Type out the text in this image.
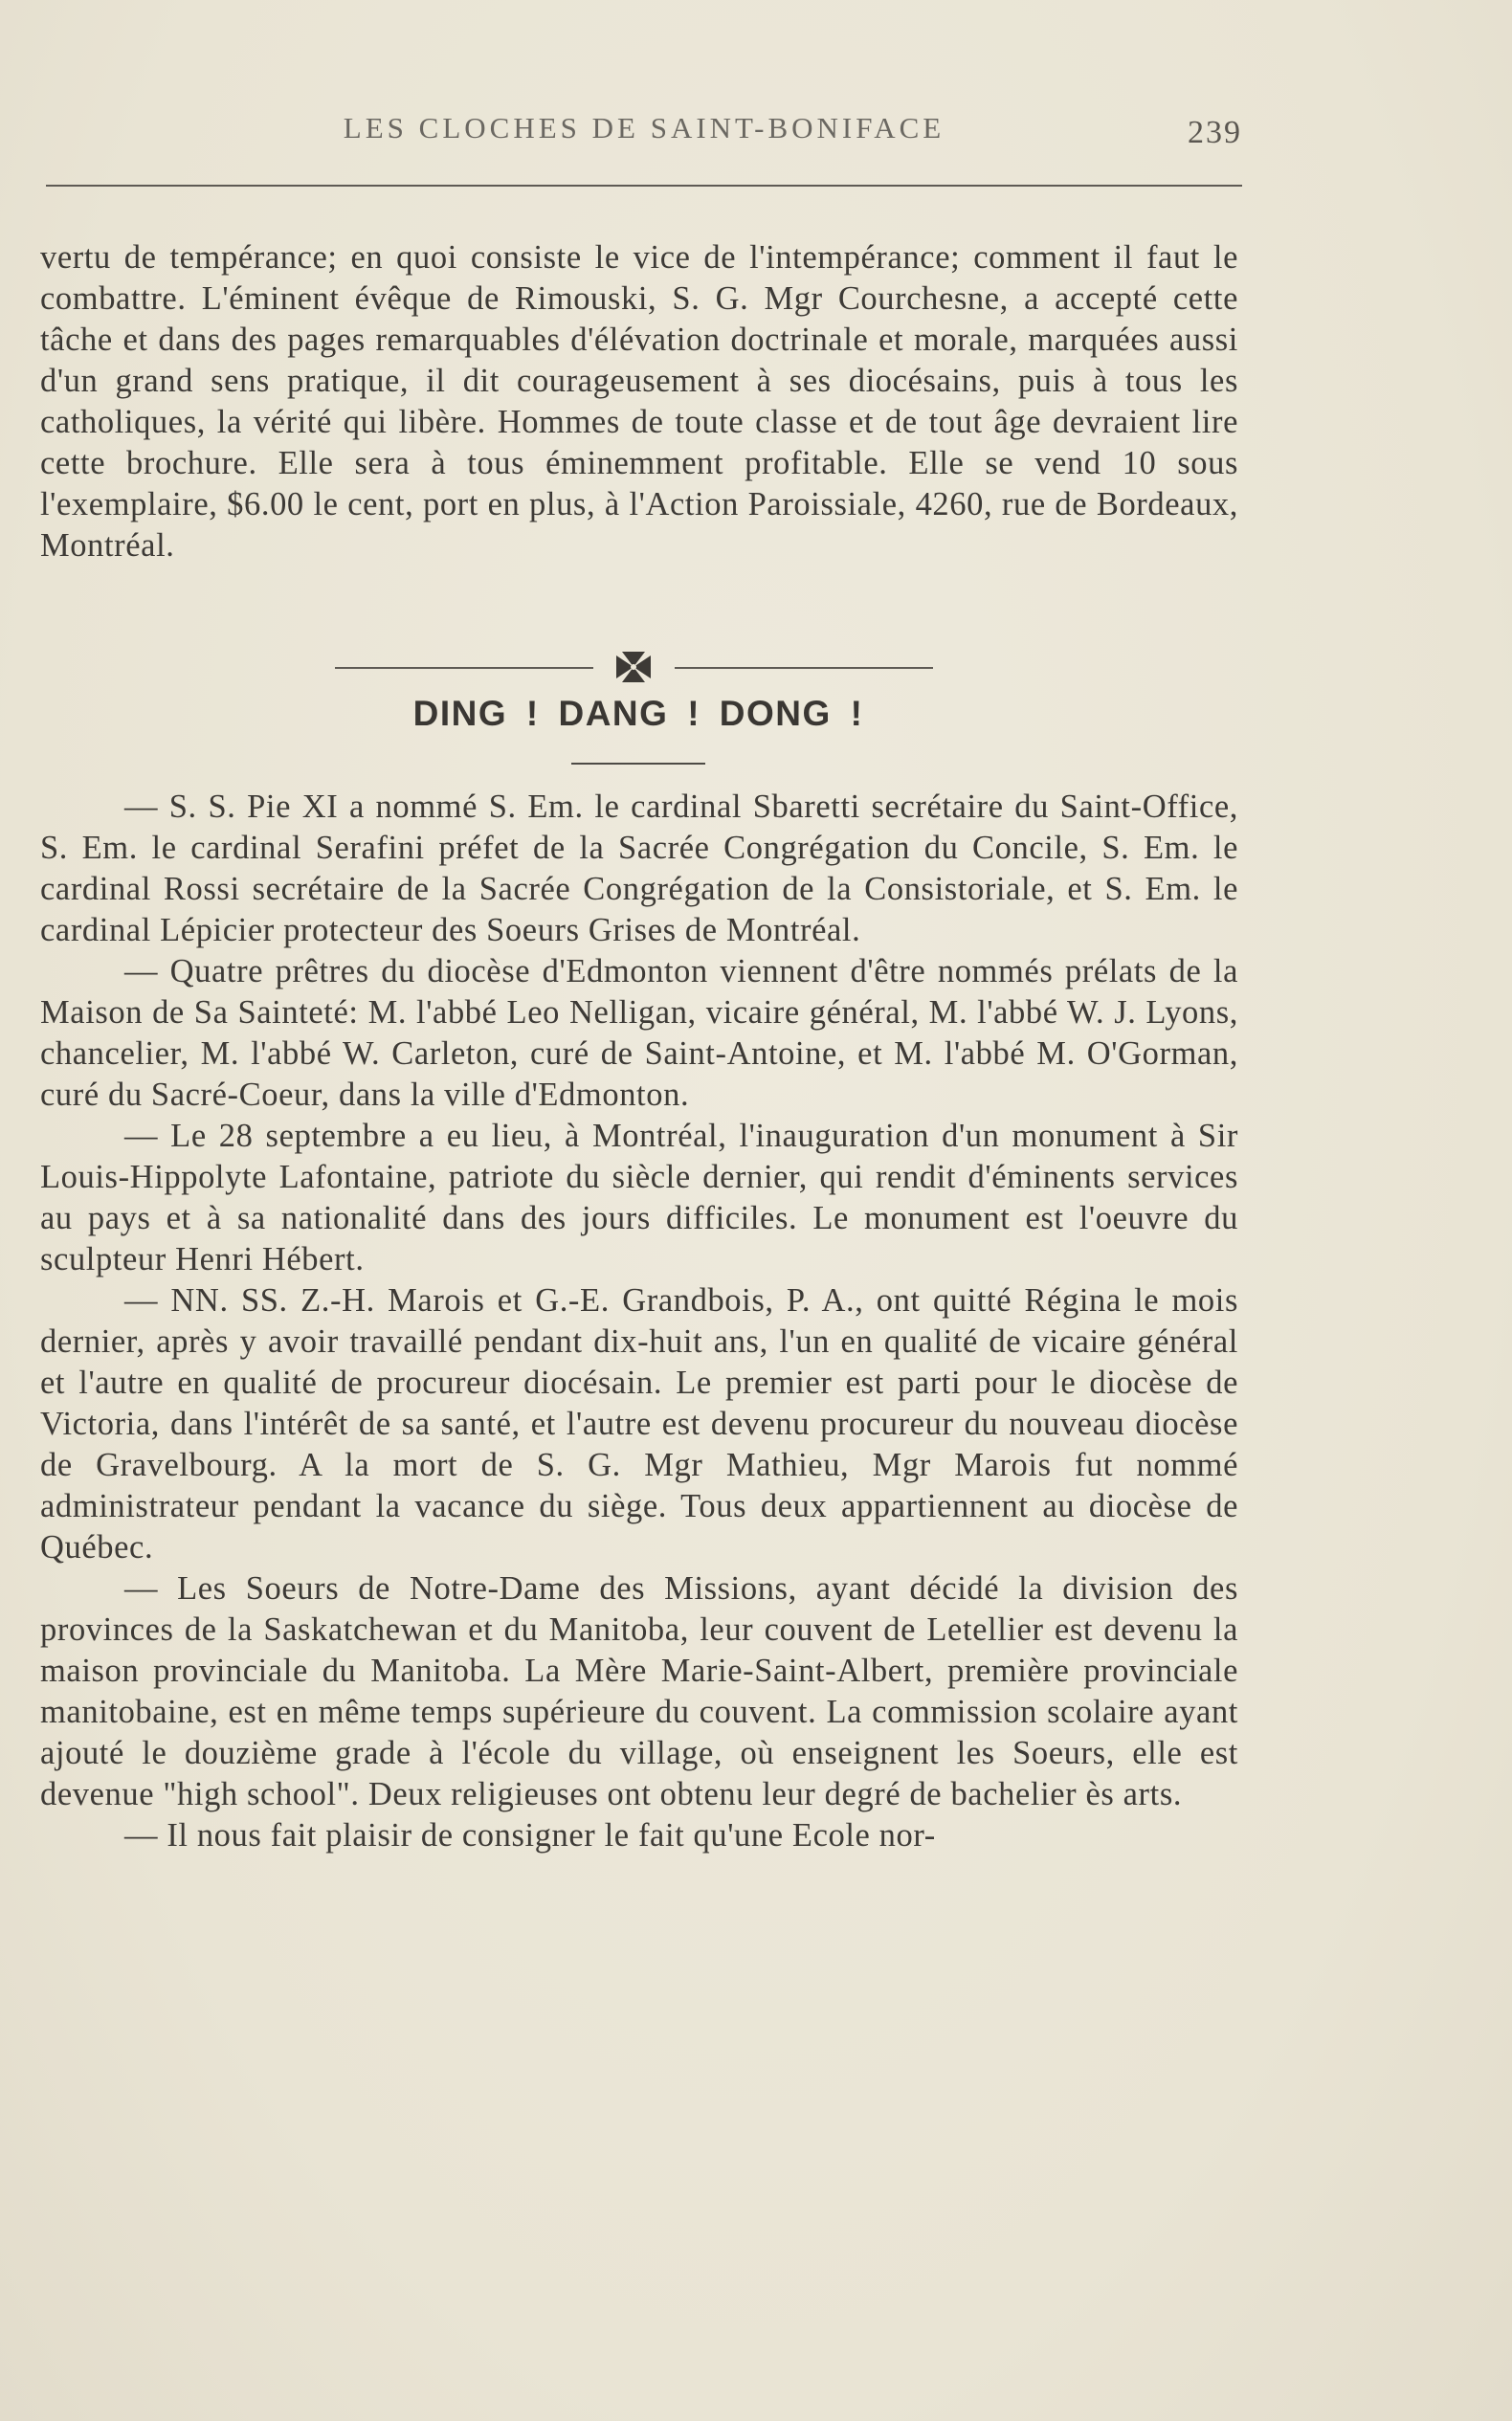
LES CLOCHES DE SAINT-BONIFACE	239

vertu de tempérance; en quoi consiste le vice de l'intempérance; comment il faut le combattre. L'éminent évêque de Rimouski, S. G. Mgr Courchesne, a accepté cette tâche et dans des pages remarquables d'élévation doctrinale et morale, marquées aussi d'un grand sens pratique, il dit courageusement à ses diocésains, puis à tous les catholiques, la vérité qui libère. Hommes de toute classe et de tout âge devraient lire cette brochure. Elle sera à tous éminemment profitable. Elle se vend 10 sous l'exemplaire, $6.00 le cent, port en plus, à l'Action Paroissiale, 4260, rue de Bordeaux, Montréal.

DING ! DANG ! DONG !

— S. S. Pie XI a nommé S. Em. le cardinal Sbaretti secrétaire du Saint-Office, S. Em. le cardinal Serafini préfet de la Sacrée Congrégation du Concile, S. Em. le cardinal Rossi secrétaire de la Sacrée Congrégation de la Consistoriale, et S. Em. le cardinal Lépicier protecteur des Soeurs Grises de Montréal.

— Quatre prêtres du diocèse d'Edmonton viennent d'être nommés prélats de la Maison de Sa Sainteté: M. l'abbé Leo Nelligan, vicaire général, M. l'abbé W. J. Lyons, chancelier, M. l'abbé W. Carleton, curé de Saint-Antoine, et M. l'abbé M. O'Gorman, curé du Sacré-Coeur, dans la ville d'Edmonton.

— Le 28 septembre a eu lieu, à Montréal, l'inauguration d'un monument à Sir Louis-Hippolyte Lafontaine, patriote du siècle dernier, qui rendit d'éminents services au pays et à sa nationalité dans des jours difficiles. Le monument est l'oeuvre du sculpteur Henri Hébert.

— NN. SS. Z.-H. Marois et G.-E. Grandbois, P. A., ont quitté Régina le mois dernier, après y avoir travaillé pendant dix-huit ans, l'un en qualité de vicaire général et l'autre en qualité de procureur diocésain. Le premier est parti pour le diocèse de Victoria, dans l'intérêt de sa santé, et l'autre est devenu procureur du nouveau diocèse de Gravelbourg. A la mort de S. G. Mgr Mathieu, Mgr Marois fut nommé administrateur pendant la vacance du siège. Tous deux appartiennent au diocèse de Québec.

— Les Soeurs de Notre-Dame des Missions, ayant décidé la division des provinces de la Saskatchewan et du Manitoba, leur couvent de Letellier est devenu la maison provinciale du Manitoba. La Mère Marie-Saint-Albert, première provinciale manitobaine, est en même temps supérieure du couvent. La commission scolaire ayant ajouté le douzième grade à l'école du village, où enseignent les Soeurs, elle est devenue "high school". Deux religieuses ont obtenu leur degré de bachelier ès arts.

— Il nous fait plaisir de consigner le fait qu'une Ecole nor-
